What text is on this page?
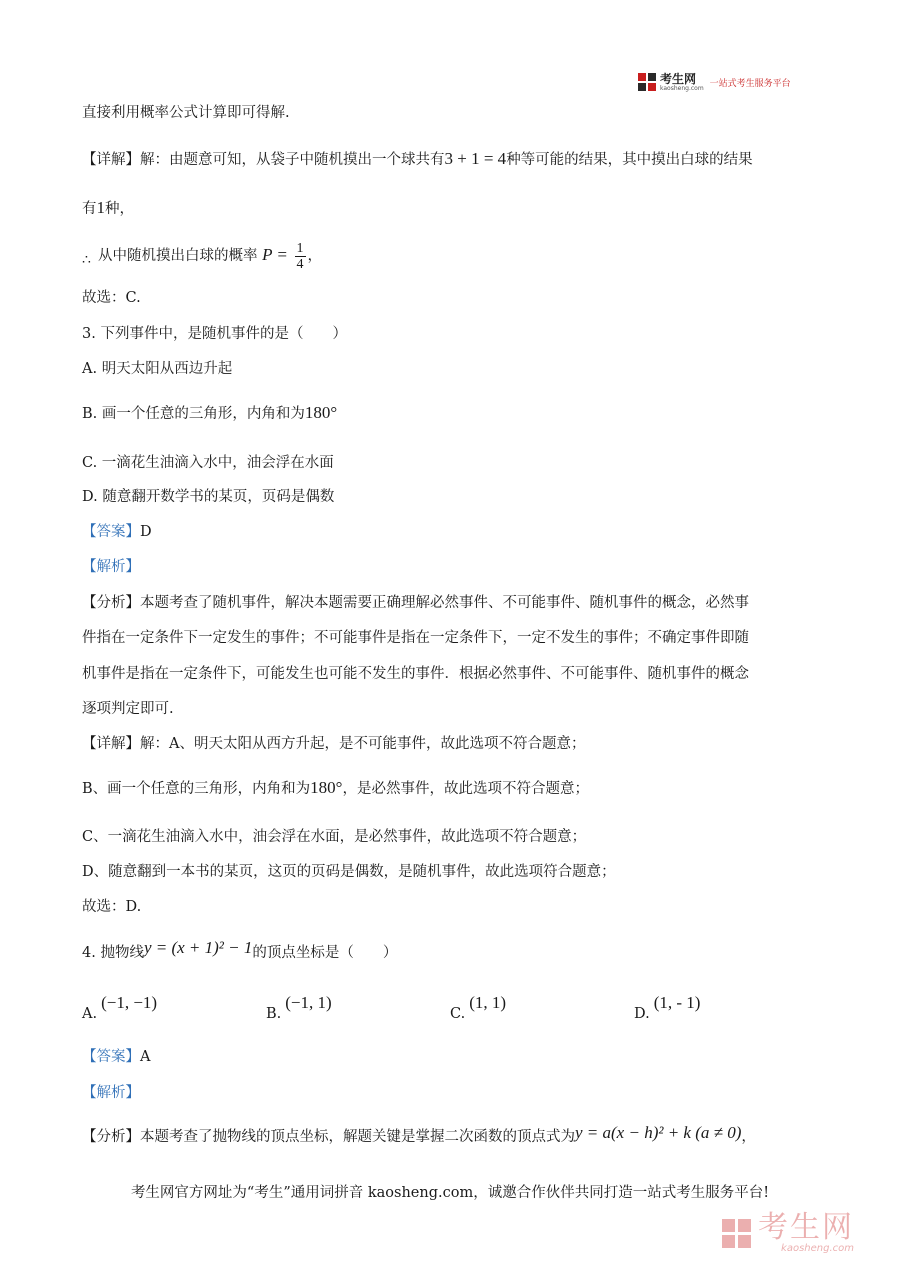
考生网
kaosheng.com 一站式考生服务平台
直接利用概率公式计算即可得解.
【详解】解：由题意可知，从袋子中随机摸出一个球共有3 + 1 = 4种等可能的结果，其中摸出白球的结果
有1种，
∴ 从中随机摸出白球的概率 $P = \frac{1}{4}$ ，
故选：C.
3. 下列事件中，是随机事件的是（　　）
A. 明天太阳从西边升起
B. 画一个任意的三角形，内角和为180°
C. 一滴花生油滴入水中，油会浮在水面
D. 随意翻开数学书的某页，页码是偶数
【答案】D
【解析】
【分析】本题考查了随机事件，解决本题需要正确理解必然事件、不可能事件、随机事件的概念，必然事
件指在一定条件下一定发生的事件；不可能事件是指在一定条件下，一定不发生的事件；不确定事件即随
机事件是指在一定条件下，可能发生也可能不发生的事件．根据必然事件、不可能事件、随机事件的概念
逐项判定即可.
【详解】解：A、明天太阳从西方升起，是不可能事件，故此选项不符合题意；
B、画一个任意的三角形，内角和为180°，是必然事件，故此选项不符合题意；
C、一滴花生油滴入水中，油会浮在水面，是必然事件，故此选项不符合题意；
D、随意翻到一本书的某页，这页的页码是偶数，是随机事件，故此选项符合题意；
故选：D.
4. 抛物线y = (x + 1)² − 1的顶点坐标是（　　）
A.(−1, −1)
B.(−1, 1)
C.(1, 1)
D.(1, - 1)
【答案】A
【解析】
【分析】本题考查了抛物线的顶点坐标，解题关键是掌握二次函数的顶点式为y = a(x − h)² + k (a ≠ 0)，
考生网官方网址为“考生”通用词拼音 kaosheng.com，诚邀合作伙伴共同打造一站式考生服务平台!
考生网
kaosheng.com
